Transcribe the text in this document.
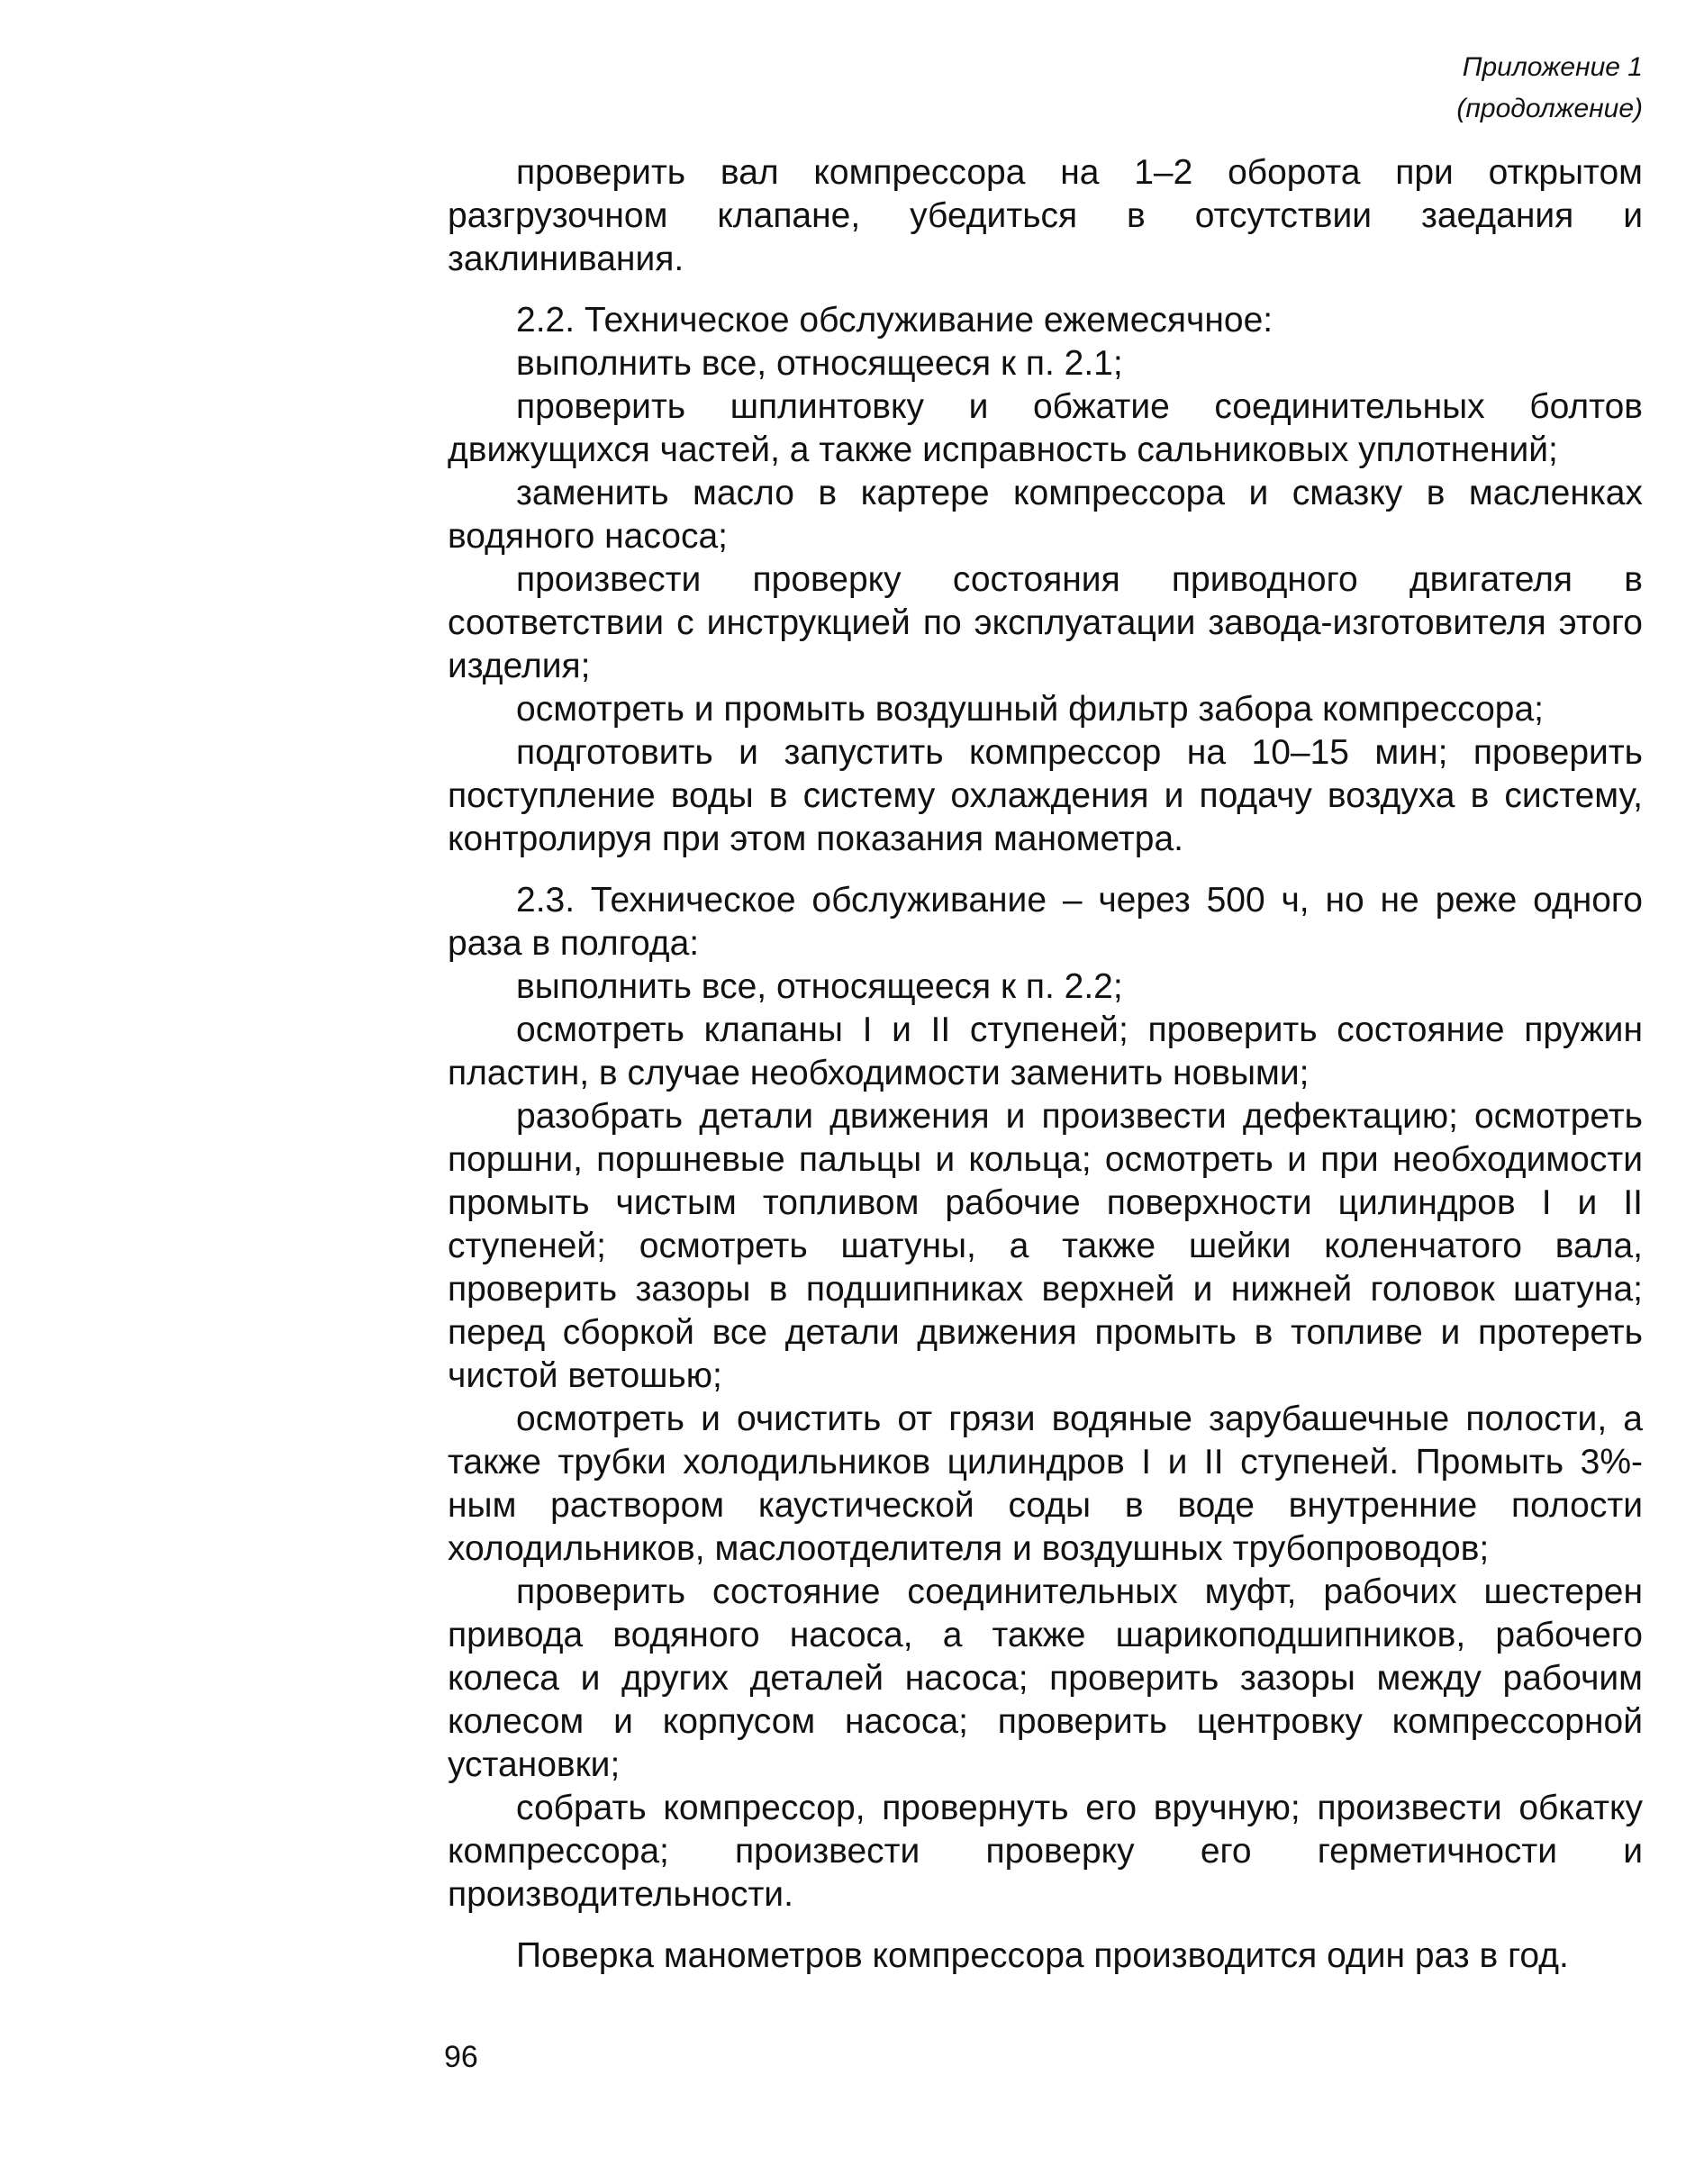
Приложение 1
(продолжение)

проверить вал компрессора на 1–2 оборота при открытом разгрузочном клапане, убедиться в отсутствии заедания и заклинивания.

2.2. Техническое обслуживание ежемесячное:

выполнить все, относящееся к п. 2.1;

проверить шплинтовку и обжатие соединительных болтов движущихся частей, а также исправность сальниковых уплотнений;

заменить масло в картере компрессора и смазку в масленках водяного насоса;

произвести проверку состояния приводного двигателя в соответствии с инструкцией по эксплуатации завода-изготовителя этого изделия;

осмотреть и промыть воздушный фильтр забора компрессора;

подготовить и запустить компрессор на 10–15 мин; проверить поступление воды в систему охлаждения и подачу воздуха в систему, контролируя при этом показания манометра.

2.3. Техническое обслуживание – через 500 ч, но не реже одного раза в полгода:

выполнить все, относящееся к п. 2.2;

осмотреть клапаны I и II ступеней; проверить состояние пружин пластин, в случае необходимости заменить новыми;

разобрать детали движения и произвести дефектацию; осмотреть поршни, поршневые пальцы и кольца; осмотреть и при необходимости промыть чистым топливом рабочие поверхности цилиндров I и II ступеней; осмотреть шатуны, а также шейки коленчатого вала, проверить зазоры в подшипниках верхней и нижней головок шатуна; перед сборкой все детали движения промыть в топливе и протереть чистой ветошью;

осмотреть и очистить от грязи водяные зарубашечные полости, а также трубки холодильников цилиндров I и II ступеней. Промыть 3%-ным раствором каустической соды в воде внутренние полости холодильников, маслоотделителя и воздушных трубопроводов;

проверить состояние соединительных муфт, рабочих шестерен привода водяного насоса, а также шарикоподшипников, рабочего колеса и других деталей насоса; проверить зазоры между рабочим колесом и корпусом насоса; проверить центровку компрессорной установки;

собрать компрессор, провернуть его вручную; произвести обкатку компрессора; произвести проверку его герметичности и производительности.

Поверка манометров компрессора производится один раз в год.

96
